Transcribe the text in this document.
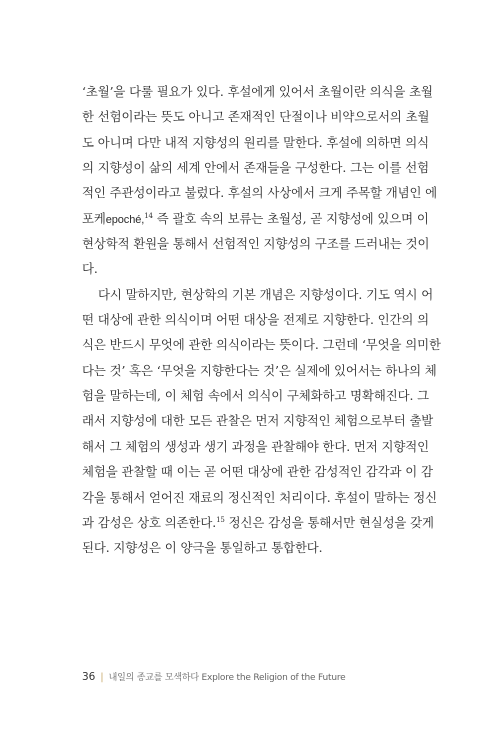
‘초월’을 다룰 필요가 있다. 후설에게 있어서 초월이란 의식을 초월
한 선험이라는 뜻도 아니고 존재적인 단절이나 비약으로서의 초월
도 아니며 다만 내적 지향성의 원리를 말한다. 후설에 의하면 의식
의 지향성이 삶의 세계 안에서 존재들을 구성한다. 그는 이를 선험
적인 주관성이라고 불렀다. 후설의 사상에서 크게 주목할 개념인 에
포케epoché,$^{14}$ 즉 괄호 속의 보류는 초월성, 곧 지향성에 있으며 이
현상학적 환원을 통해서 선험적인 지향성의 구조를 드러내는 것이
다.
다시 말하지만, 현상학의 기본 개념은 지향성이다. 기도 역시 어
떤 대상에 관한 의식이며 어떤 대상을 전제로 지향한다. 인간의 의
식은 반드시 무엇에 관한 의식이라는 뜻이다. 그런데 ‘무엇을 의미한
다는 것’ 혹은 ‘무엇을 지향한다는 것’은 실제에 있어서는 하나의 체
험을 말하는데, 이 체험 속에서 의식이 구체화하고 명확해진다. 그
래서 지향성에 대한 모든 관찰은 먼저 지향적인 체험으로부터 출발
해서 그 체험의 생성과 생기 과정을 관찰해야 한다. 먼저 지향적인
체험을 관찰할 때 이는 곧 어떤 대상에 관한 감성적인 감각과 이 감
각을 통해서 얻어진 재료의 정신적인 처리이다. 후설이 말하는 정신
과 감성은 상호 의존한다.$^{15}$ 정신은 감성을 통해서만 현실성을 갖게
된다. 지향성은 이 양극을 통일하고 통합한다.
36 | 내일의 종교를 모색하다 Explore the Religion of the Future
